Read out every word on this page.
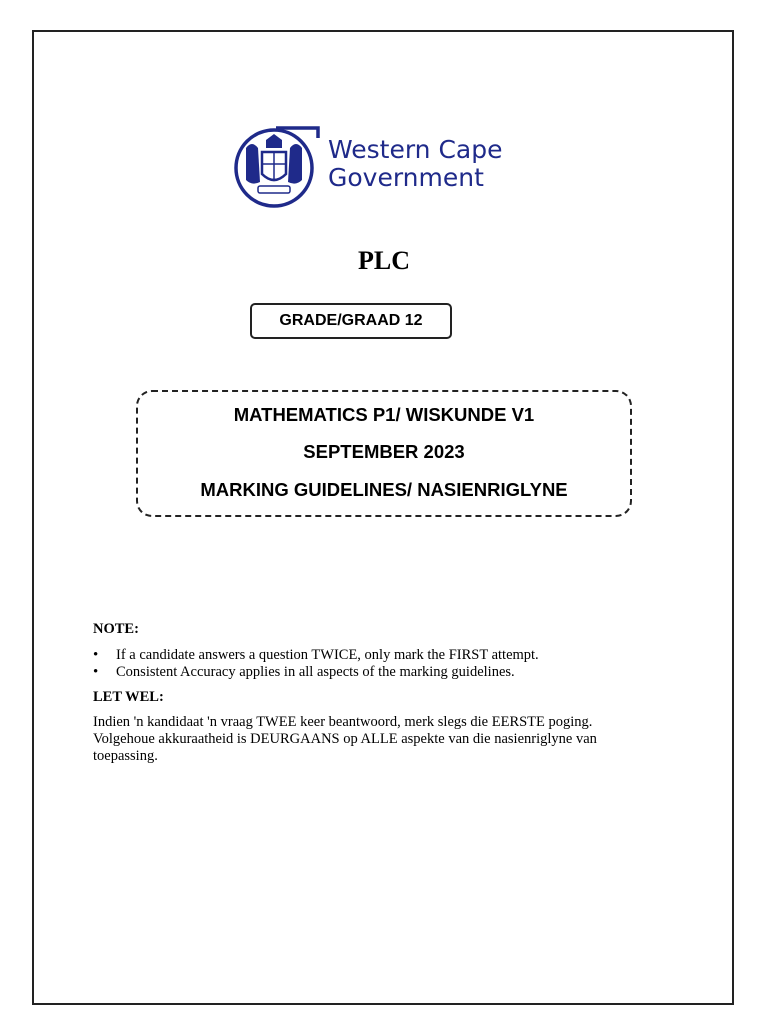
Western Cape
Government
PLC
GRADE/GRAAD 12
MATHEMATICS P1/ WISKUNDE V1
SEPTEMBER 2023
MARKING GUIDELINES/ NASIENRIGLYNE

NOTE:

• If a candidate answers a question TWICE, only mark the FIRST attempt.
• Consistent Accuracy applies in all aspects of the marking guidelines.

LET WEL:

Indien 'n kandidaat 'n vraag TWEE keer beantwoord, merk slegs die EERSTE poging. Volgehoue akkuraatheid is DEURGAANS op ALLE aspekte van die nasienriglyne van toepassing.
